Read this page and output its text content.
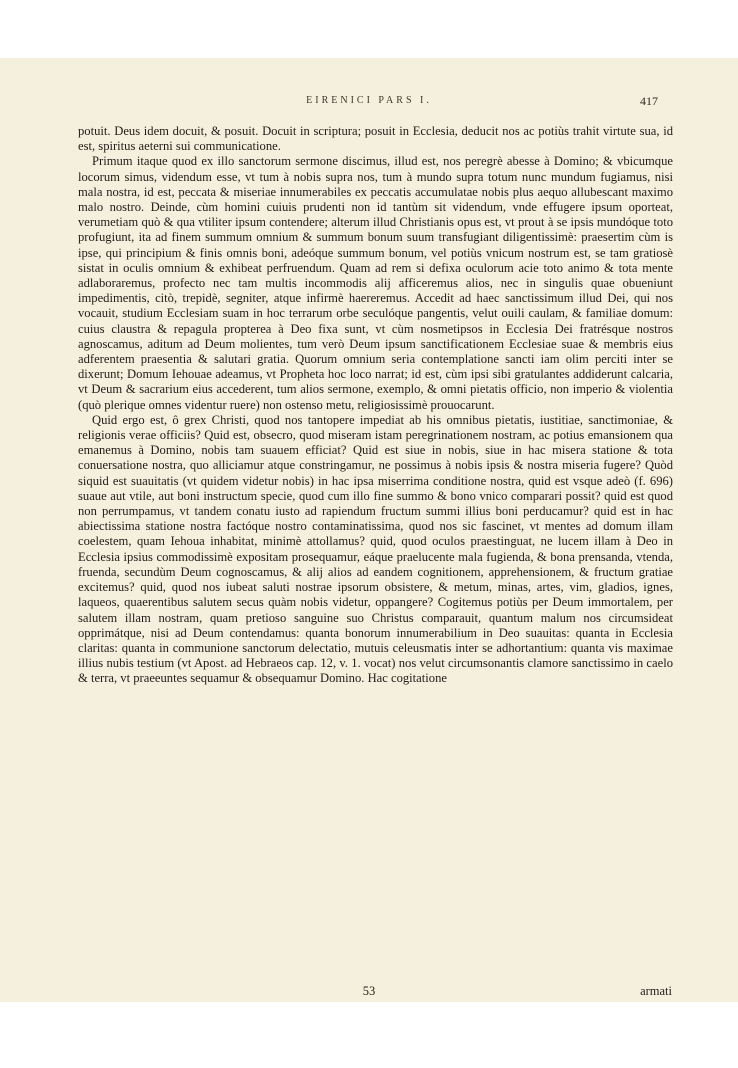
EIRENICI PARS I.	417

potuit. Deus idem docuit, & posuit. Docuit in scriptura; posuit in Ecclesia, deducit nos ac potiùs trahit virtute sua, id est, spiritus aeterni sui communicatione.

Primum itaque quod ex illo sanctorum sermone discimus, illud est, nos peregrè abesse à Domino; & vbicumque locorum simus, videndum esse, vt tum à nobis supra nos, tum à mundo supra totum nunc mundum fugiamus, nisi mala nostra, id est, peccata & miseriae innumerabiles ex peccatis accumulatae nobis plus aequo allubescant maximo malo nostro. Deinde, cùm homini cuiuis prudenti non id tantùm sit videndum, vnde effugere ipsum oporteat, verumetiam quò & qua vtiliter ipsum contendere; alterum illud Christianis opus est, vt prout à se ipsis mundóque toto profugiunt, ita ad finem summum omnium & summum bonum suum transfugiant diligentissimè: praesertim cùm is ipse, qui principium & finis omnis boni, adeóque summum bonum, vel potiùs vnicum nostrum est, se tam gratiosè sistat in oculis omnium & exhibeat perfruendum. Quam ad rem si defixa oculorum acie toto animo & tota mente adlaboraremus, profecto nec tam multis incommodis alij afficeremus alios, nec in singulis quae obueniunt impedimentis, citò, trepidè, segniter, atque infirmè haereremus. Accedit ad haec sanctissimum illud Dei, qui nos vocauit, studium Ecclesiam suam in hoc terrarum orbe seculóque pangentis, velut ouili caulam, & familiae domum: cuius claustra & repagula propterea à Deo fixa sunt, vt cùm nosmetipsos in Ecclesia Dei fratrésque nostros agnoscamus, aditum ad Deum molientes, tum verò Deum ipsum sanctificationem Ecclesiae suae & membris eius adferentem praesentia & salutari gratia. Quorum omnium seria contemplatione sancti iam olim perciti inter se dixerunt; Domum Iehouae adeamus, vt Propheta hoc loco narrat; id est, cùm ipsi sibi gratulantes addiderunt calcaria, vt Deum & sacrarium eius accederent, tum alios sermone, exemplo, & omni pietatis officio, non imperio & violentia (quò plerique omnes videntur ruere) non ostenso metu, religiosissimè prouocarunt.

Quid ergo est, ô grex Christi, quod nos tantopere impediat ab his omnibus pietatis, iustitiae, sanctimoniae, & religionis verae officiis? Quid est, obsecro, quod miseram istam peregrinationem nostram, ac potius emansionem qua emanemus à Domino, nobis tam suauem efficiat? Quid est siue in nobis, siue in hac misera statione & tota conuersatione nostra, quo alliciamur atque constringamur, ne possimus à nobis ipsis & nostra miseria fugere? Quòd siquid est suauitatis (vt quidem videtur nobis) in hac ipsa miserrima conditione nostra, quid est vsque adeò (f. 696) suaue aut vtile, aut boni instructum specie, quod cum illo fine summo & bono vnico comparari possit? quid est quod non perrumpamus, vt tandem conatu iusto ad rapiendum fructum summi illius boni perducamur? quid est in hac abiectissima statione nostra factóque nostro contaminatissima, quod nos sic fascinet, vt mentes ad domum illam coelestem, quam Iehoua inhabitat, minimè attollamus? quid, quod oculos praestinguat, ne lucem illam à Deo in Ecclesia ipsius commodissimè expositam prosequamur, eáque praelucente mala fugienda, & bona prensanda, vtenda, fruenda, secundùm Deum cognoscamus, & alij alios ad eandem cognitionem, apprehensionem, & fructum gratiae excitemus? quid, quod nos iubeat saluti nostrae ipsorum obsistere, & metum, minas, artes, vim, gladios, ignes, laqueos, quaerentibus salutem secus quàm nobis videtur, oppangere? Cogitemus potiùs per Deum immortalem, per salutem illam nostram, quam pretioso sanguine suo Christus comparauit, quantum malum nos circumsideat opprimátque, nisi ad Deum contendamus: quanta bonorum innumerabilium in Deo suauitas: quanta in Ecclesia claritas: quanta in communione sanctorum delectatio, mutuis celeusmatis inter se adhortantium: quanta vis maximae illius nubis testium (vt Apost. ad Hebraeos cap. 12, v. 1. vocat) nos velut circumsonantis clamore sanctissimo in caelo & terra, vt praeeuntes sequamur & obsequamur Domino. Hac cogitatione

53	armati
